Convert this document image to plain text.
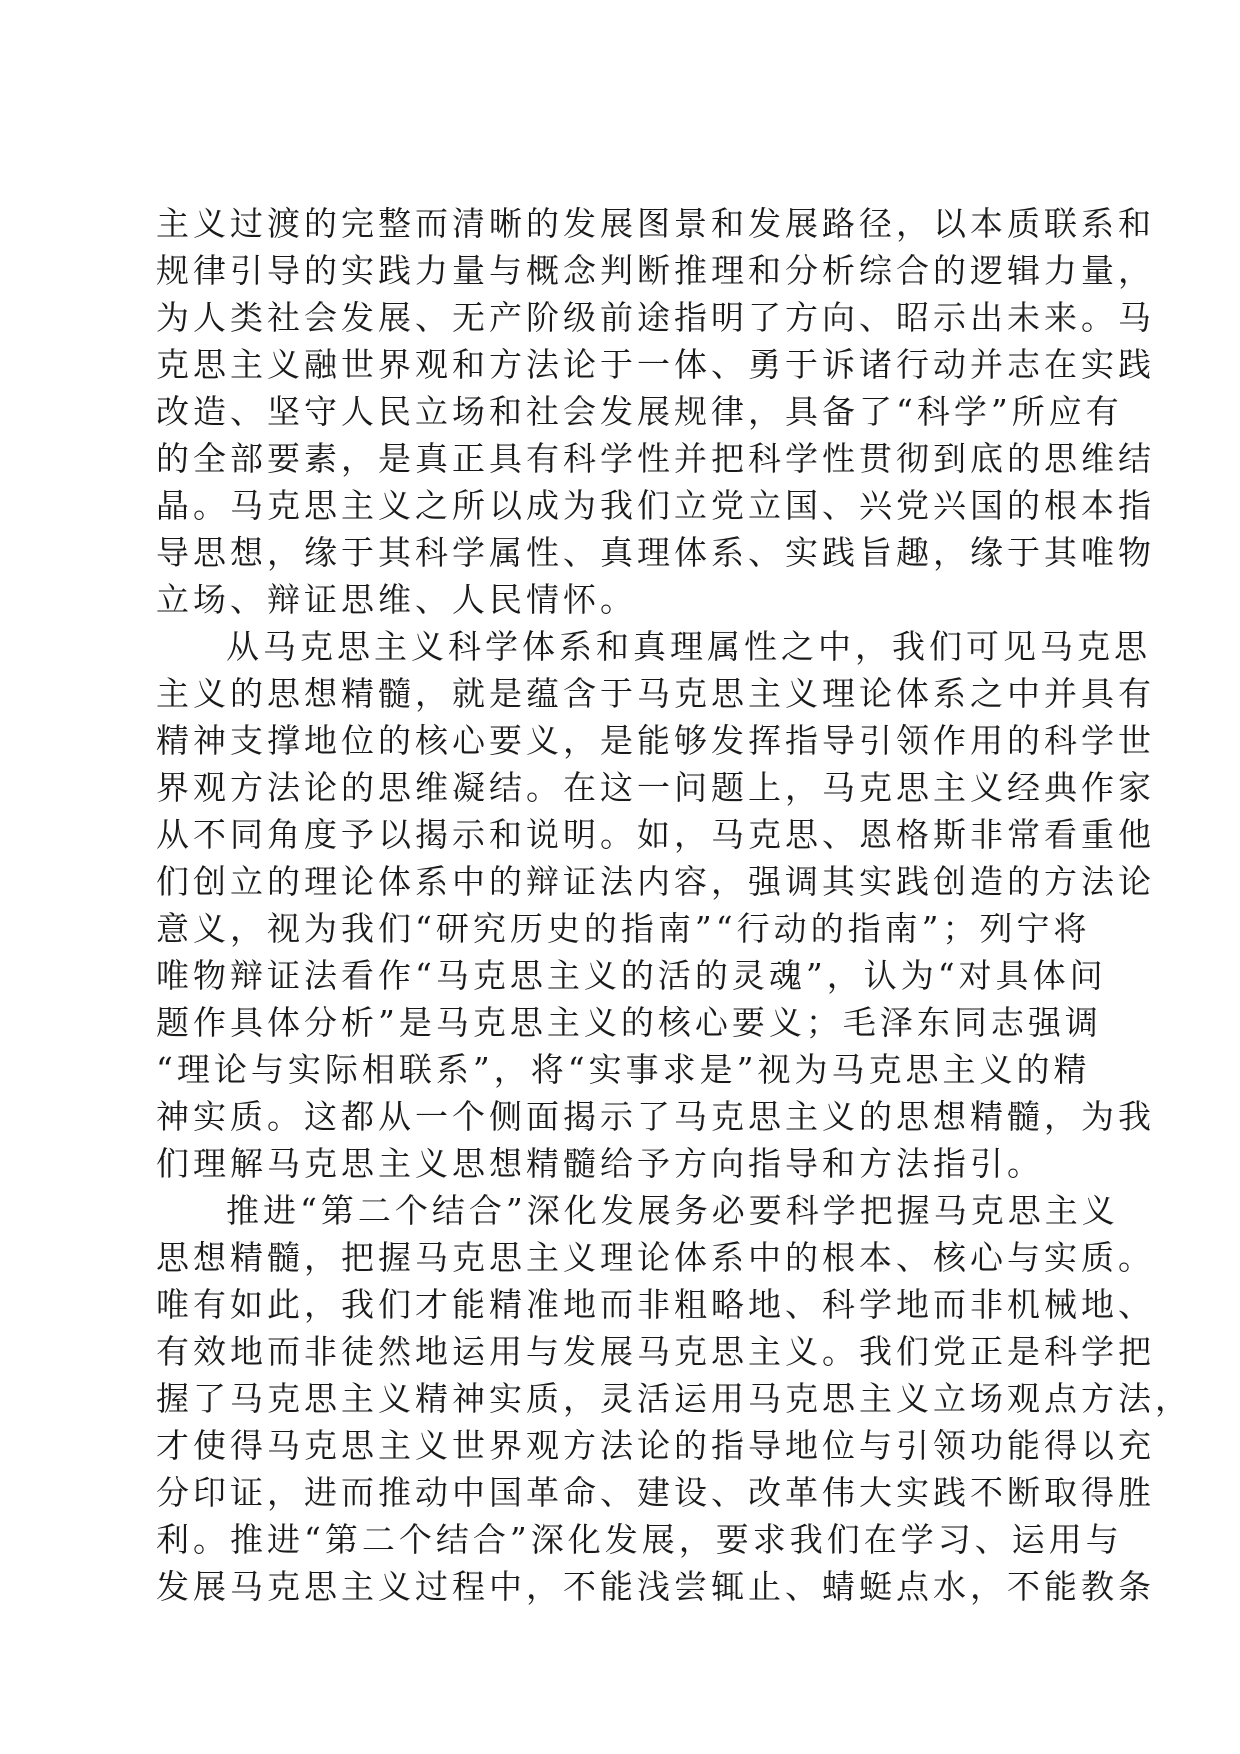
主义过渡的完整而清晰的发展图景和发展路径，以本质联系和
规律引导的实践力量与概念判断推理和分析综合的逻辑力量，
为人类社会发展、无产阶级前途指明了方向、昭示出未来。马
克思主义融世界观和方法论于一体、勇于诉诸行动并志在实践
改造、坚守人民立场和社会发展规律，具备了“科学”所应有
的全部要素，是真正具有科学性并把科学性贯彻到底的思维结
晶。马克思主义之所以成为我们立党立国、兴党兴国的根本指
导思想，缘于其科学属性、真理体系、实践旨趣，缘于其唯物
立场、辩证思维、人民情怀。
从马克思主义科学体系和真理属性之中，我们可见马克思
主义的思想精髓，就是蕴含于马克思主义理论体系之中并具有
精神支撑地位的核心要义，是能够发挥指导引领作用的科学世
界观方法论的思维凝结。在这一问题上，马克思主义经典作家
从不同角度予以揭示和说明。如，马克思、恩格斯非常看重他
们创立的理论体系中的辩证法内容，强调其实践创造的方法论
意义，视为我们“研究历史的指南”“行动的指南”；列宁将
唯物辩证法看作“马克思主义的活的灵魂”，认为“对具体问
题作具体分析”是马克思主义的核心要义；毛泽东同志强调
“理论与实际相联系”，将“实事求是”视为马克思主义的精
神实质。这都从一个侧面揭示了马克思主义的思想精髓，为我
们理解马克思主义思想精髓给予方向指导和方法指引。
推进“第二个结合”深化发展务必要科学把握马克思主义
思想精髓，把握马克思主义理论体系中的根本、核心与实质。
唯有如此，我们才能精准地而非粗略地、科学地而非机械地、
有效地而非徒然地运用与发展马克思主义。我们党正是科学把
握了马克思主义精神实质，灵活运用马克思主义立场观点方法，
才使得马克思主义世界观方法论的指导地位与引领功能得以充
分印证，进而推动中国革命、建设、改革伟大实践不断取得胜
利。推进“第二个结合”深化发展，要求我们在学习、运用与
发展马克思主义过程中，不能浅尝辄止、蜻蜓点水，不能教条
